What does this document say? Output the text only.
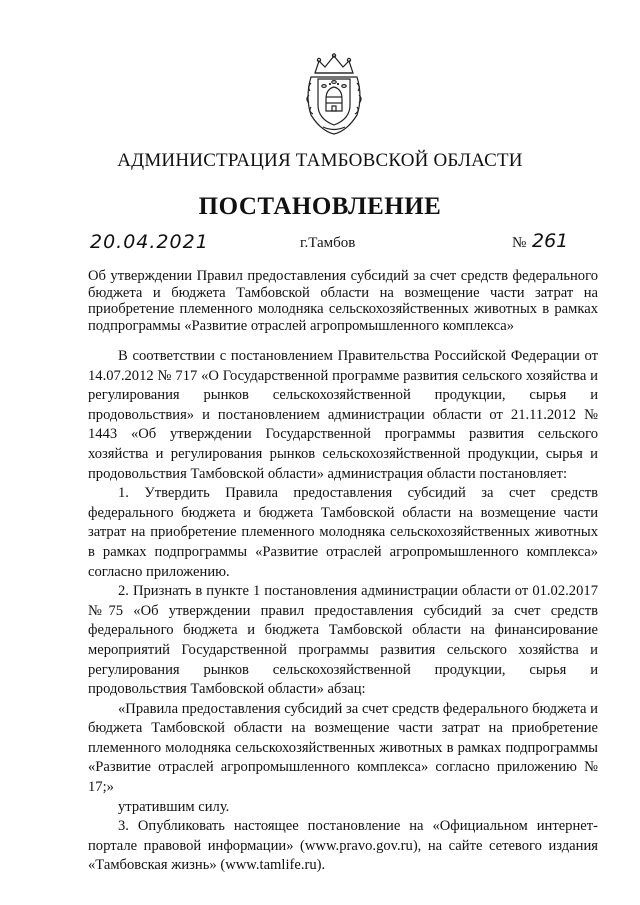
АДМИНИСТРАЦИЯ ТАМБОВСКОЙ ОБЛАСТИ
ПОСТАНОВЛЕНИЕ
20.04.2021	г.Тамбов	№ 261
Об утверждении Правил предоставления субсидий за счет средств федерального бюджета и бюджета Тамбовской области на возмещение части затрат на приобретение племенного молодняка сельскохозяйственных животных в рамках подпрограммы «Развитие отраслей агропромышленного комплекса»

В соответствии с постановлением Правительства Российской Федерации от 14.07.2012 № 717 «О Государственной программе развития сельского хозяйства и регулирования рынков сельскохозяйственной продукции, сырья и продовольствия» и постановлением администрации области от 21.11.2012 № 1443 «Об утверждении Государственной программы развития сельского хозяйства и регулирования рынков сельскохозяйственной продукции, сырья и продовольствия Тамбовской области» администрация области постановляет:

1. Утвердить Правила предоставления субсидий за счет средств федерального бюджета и бюджета Тамбовской области на возмещение части затрат на приобретение племенного молодняка сельскохозяйственных животных в рамках подпрограммы «Развитие отраслей агропромышленного комплекса» согласно приложению.

2. Признать в пункте 1 постановления администрации области от 01.02.2017 №75 «Об утверждении правил предоставления субсидий за счет средств федерального бюджета и бюджета Тамбовской области на финансирование мероприятий Государственной программы развития сельского хозяйства и регулирования рынков сельскохозяйственной продукции, сырья и продовольствия Тамбовской области» абзац:

«Правила предоставления субсидий за счет средств федерального бюджета и бюджета Тамбовской области на возмещение части затрат на приобретение племенного молодняка сельскохозяйственных животных в рамках подпрограммы «Развитие отраслей агропромышленного комплекса» согласно приложению № 17;»

утратившим силу.

3. Опубликовать настоящее постановление на «Официальном интернет-портале правовой информации» (www.pravo.gov.ru), на сайте сетевого издания «Тамбовская жизнь» (www.tamlife.ru).
